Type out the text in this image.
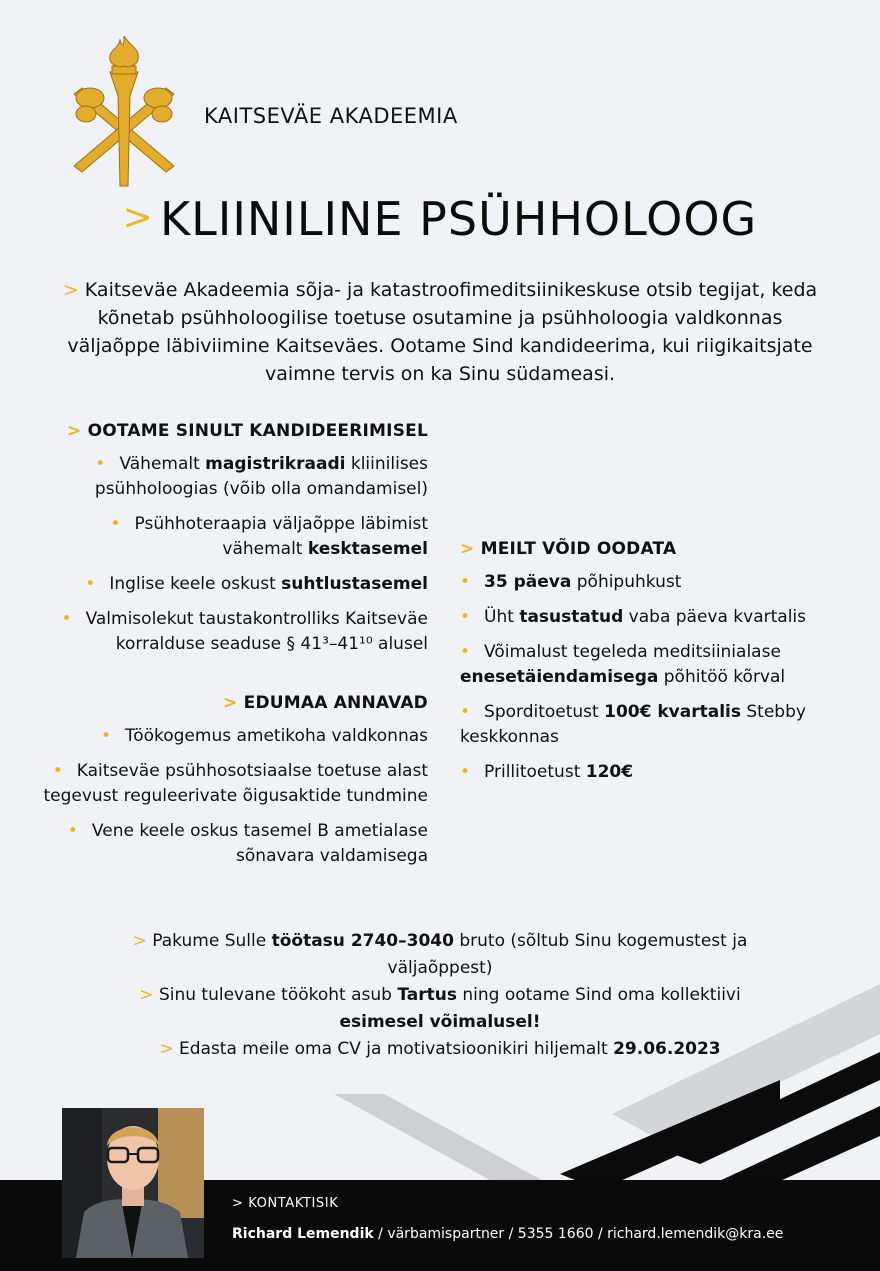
KAITSEVÄE AKADEEMIA
> KLIINILINE PSÜHHOLOOG

> Kaitseväe Akadeemia sõja- ja katastroofimeditsiinikeskuse otsib tegijat, keda kõnetab psühholoogilise toetuse osutamine ja psühholoogia valdkonnas väljaõppe läbiviimine Kaitseväes. Ootame Sind kandideerima, kui riigikaitsjate vaimne tervis on ka Sinu südameasi.

> OOTAME SINULT KANDIDEERIMISEL
• Vähemalt magistrikraadi kliinilises psühholoogias (võib olla omandamisel)
• Psühhoteraapia väljaõppe läbimist vähemalt kesktasemel
• Inglise keele oskust suhtlustasemel
• Valmisolekut taustakontrolliks Kaitseväe korralduse seaduse § 41³–41¹⁰ alusel
> EDUMAA ANNAVAD
• Töökogemus ametikoha valdkonnas
• Kaitseväe psühhosotsiaalse toetuse alast tegevust reguleerivate õigusaktide tundmine
• Vene keele oskus tasemel B ametialase sõnavara valdamisega
> MEILT VÕID OODATA
• 35 päeva põhipuhkust
• Üht tasustatud vaba päeva kvartalis
• Võimalust tegeleda meditsiinialase enesetäiendamisega põhitöö kõrval
• Sporditoetust 100€ kvartalis Stebby keskkonnas
• Prillitoetust 120€

> Pakume Sulle töötasu 2740–3040 bruto (sõltub Sinu kogemustest ja väljaõppest)

> Sinu tulevane töökoht asub Tartus ning ootame Sind oma kollektiivi esimesel võimalusel!

> Edasta meile oma CV ja motivatsioonikiri hiljemalt 29.06.2023

> KONTAKTISIK
Richard Lemendik / värbamispartner / 5355 1660 / richard.lemendik@kra.ee
